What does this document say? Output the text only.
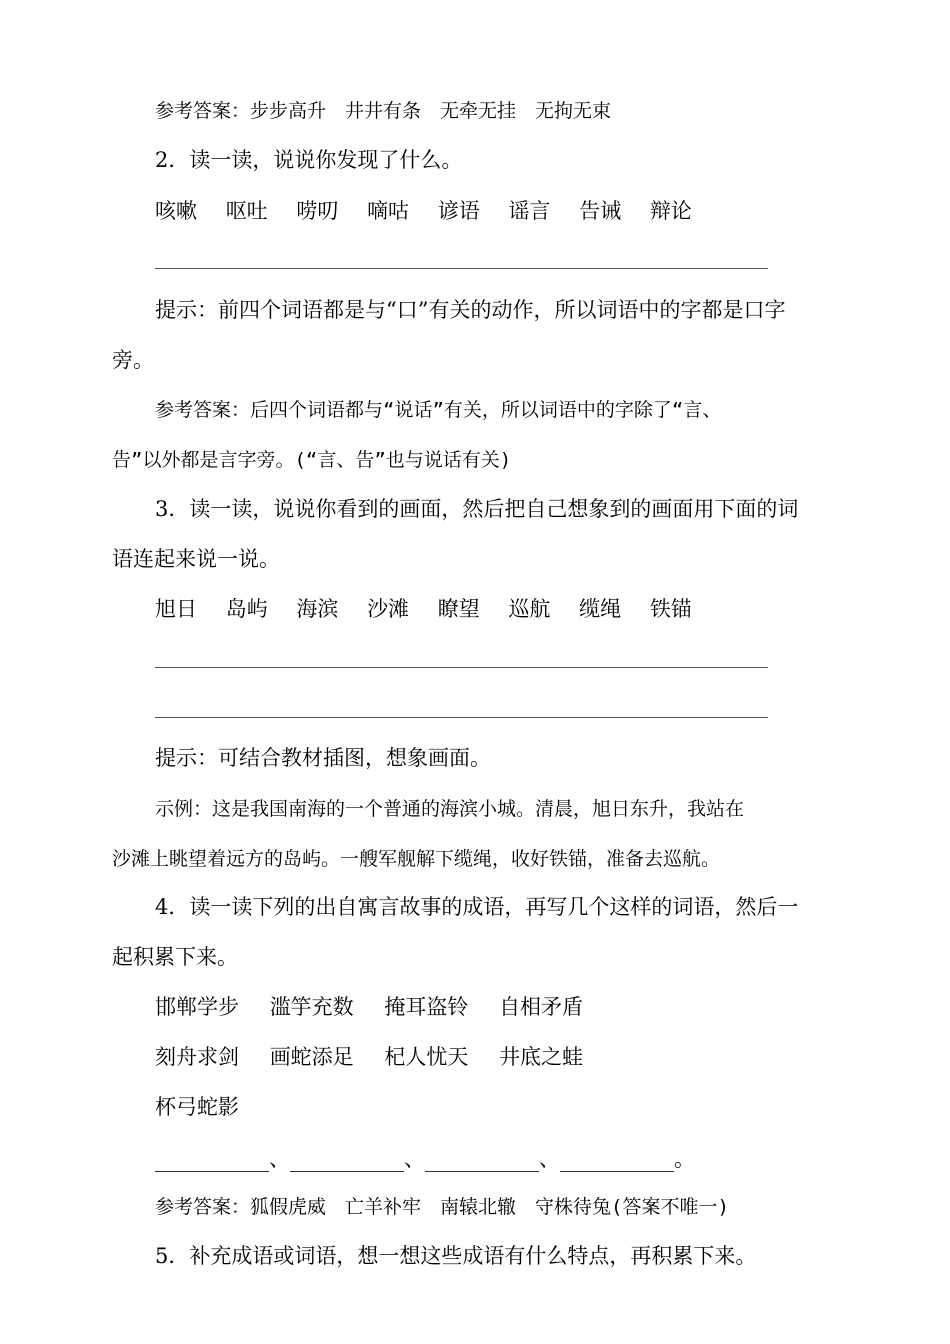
参考答案：步步高升　井井有条　无牵无挂　无拘无束
2．读一读，说说你发现了什么。
咳嗽 呕吐 唠叨 嘀咕 谚语 谣言 告诫 辩论
提示：前四个词语都是与“口”有关的动作，所以词语中的字都是口字
旁。
参考答案：后四个词语都与“说话”有关，所以词语中的字除了“言、
告”以外都是言字旁。(“言、告”也与说话有关)
3．读一读，说说你看到的画面，然后把自己想象到的画面用下面的词
语连起来说一说。
旭日 岛屿 海滨 沙滩 瞭望 巡航 缆绳 铁锚
提示：可结合教材插图，想象画面。
示例：这是我国南海的一个普通的海滨小城。清晨，旭日东升，我站在
沙滩上眺望着远方的岛屿。一艘军舰解下缆绳，收好铁锚，准备去巡航。
4．读一读下列的出自寓言故事的成语，再写几个这样的词语，然后一
起积累下来。
邯郸学步 滥竽充数 掩耳盗铃 自相矛盾
刻舟求剑 画蛇添足 杞人忧天 井底之蛙
杯弓蛇影
、	、	、	。
参考答案：狐假虎威　亡羊补牢　南辕北辙　守株待兔(答案不唯一)
5．补充成语或词语，想一想这些成语有什么特点，再积累下来。
